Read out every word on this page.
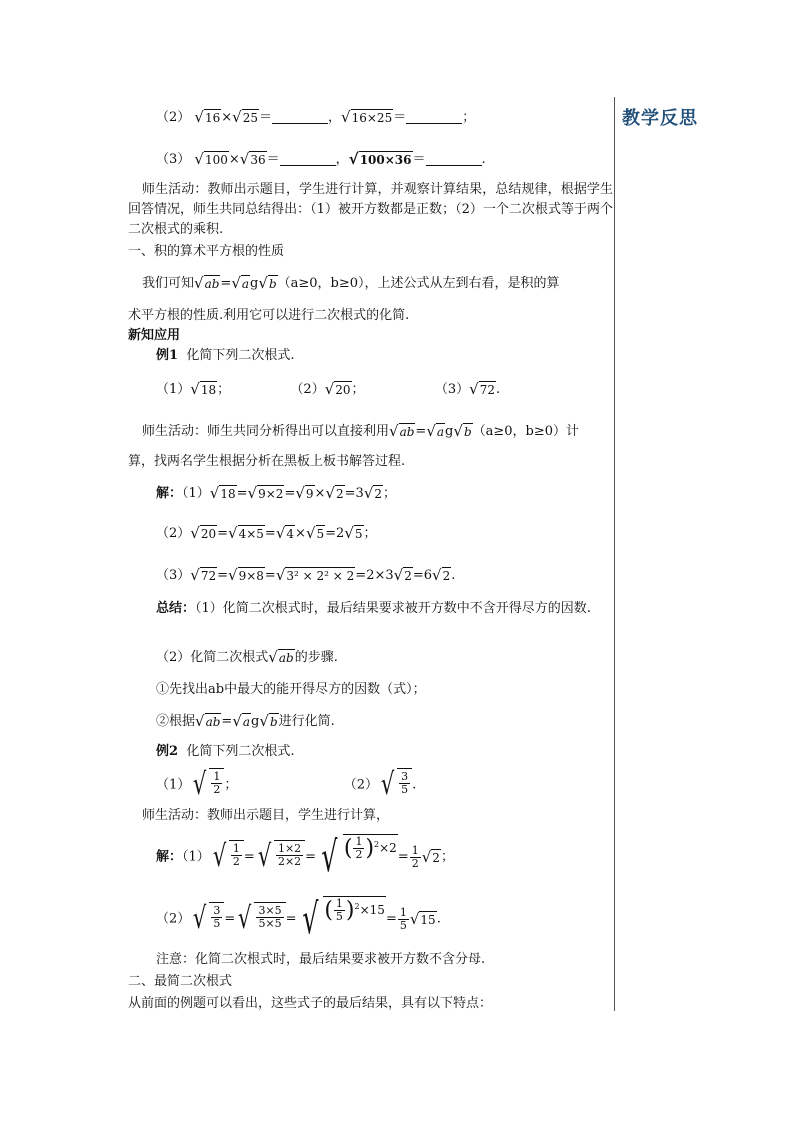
教学反思
（2） √ 16 × √ 25 ＝	， √ 16×25 ＝	；
（3） √ 100 × √ 36 ＝	， √ 100×36 ＝	.
师生活动：教师出示题目，学生进行计算，并观察计算结果，总结规律，根据学生回答情况，师生共同总结得出：（1）被开方数都是正数；（2）一个二次根式等于两个二次根式的乘积.
一、积的算术平方根的性质
我们可知 √ ab = √ a g √ b （a≥0，b≥0），上述公式从左到右看，是积的算
术平方根的性质.利用它可以进行二次根式的化简.
新知应用
例1 化简下列二次根式.
（1） √ 18 ；	（2） √ 20 ；	（3） √ 72 .
师生活动：师生共同分析得出可以直接利用 √ ab = √ a g √ b （a≥0，b≥0）计
算，找两名学生根据分析在黑板上板书解答过程.
解：（1） √ 18 = √ 9×2 = √ 9 × √ 2 =3 √ 2 ；
（2） √ 20 = √ 4×5 = √ 4 × √ 5 =2 √ 5 ；
（3） √ 72 = √ 9×8 = √ 3² × 2² × 2 =2×3 √ 2 =6 √ 2 .
总结：（1）化简二次根式时，最后结果要求被开方数中不含开得尽方的因数.
（2）化简二次根式 √ ab 的步骤.
①先找出ab中最大的能开得尽方的因数（式）；
②根据 √ ab = √ a g √ b 进行化简.
例2 化简下列二次根式.
（1） √ $\frac{1}{2}$ ；	（2） √ $\frac{3}{5}$ .
师生活动：教师出示题目，学生进行计算，
解：（1） √ $\frac{1}{2}$ = √ $\frac{1\times 2}{2\times 2}$ = √ ( $\frac{1}{2} )^2\times 2$
= $\frac{1}{2}$ √ 2 ；
（2） √ $\frac{3}{5}$ = √ $\frac{3\times 5}{5\times 5}$ = √ ( $\frac{1}{5} )^2\times 15$
= $\frac{1}{5}$ √ 15 .
注意：化简二次根式时，最后结果要求被开方数不含分母.
二、最简二次根式
从前面的例题可以看出，这些式子的最后结果，具有以下特点：
